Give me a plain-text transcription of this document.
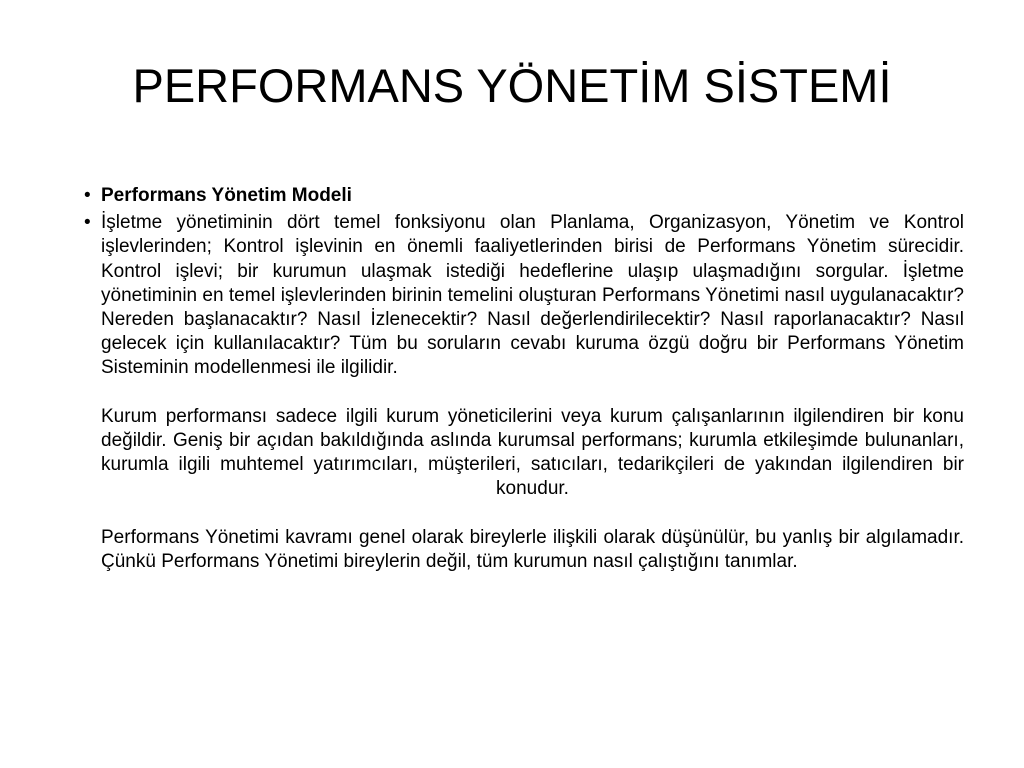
PERFORMANS YÖNETİM SİSTEMİ
• Performans Yönetim Modeli
• İşletme yönetiminin dört temel fonksiyonu olan Planlama, Organizasyon, Yönetim ve Kontrol işlevlerinden; Kontrol işlevinin en önemli faaliyetlerinden birisi de Performans Yönetim sürecidir. Kontrol işlevi; bir kurumun ulaşmak istediği hedeflerine ulaşıp ulaşmadığını sorgular. İşletme yönetiminin en temel işlevlerinden birinin temelini oluşturan Performans Yönetimi nasıl uygulanacaktır? Nereden başlanacaktır? Nasıl İzlenecektir? Nasıl değerlendirilecektir? Nasıl raporlanacaktır? Nasıl gelecek için kullanılacaktır? Tüm bu soruların cevabı kuruma özgü doğru bir Performans Yönetim Sisteminin modellenmesi ile ilgilidir.

Kurum performansı sadece ilgili kurum yöneticilerini veya kurum çalışanlarının ilgilendiren bir konu değildir. Geniş bir açıdan bakıldığında aslında kurumsal performans; kurumla etkileşimde bulunanları, kurumla ilgili muhtemel yatırımcıları, müşterileri, satıcıları, tedarikçileri de yakından ilgilendiren bir konudur.

Performans Yönetimi kavramı genel olarak bireylerle ilişkili olarak düşünülür, bu yanlış bir algılamadır. Çünkü Performans Yönetimi bireylerin değil, tüm kurumun nasıl çalıştığını tanımlar.
